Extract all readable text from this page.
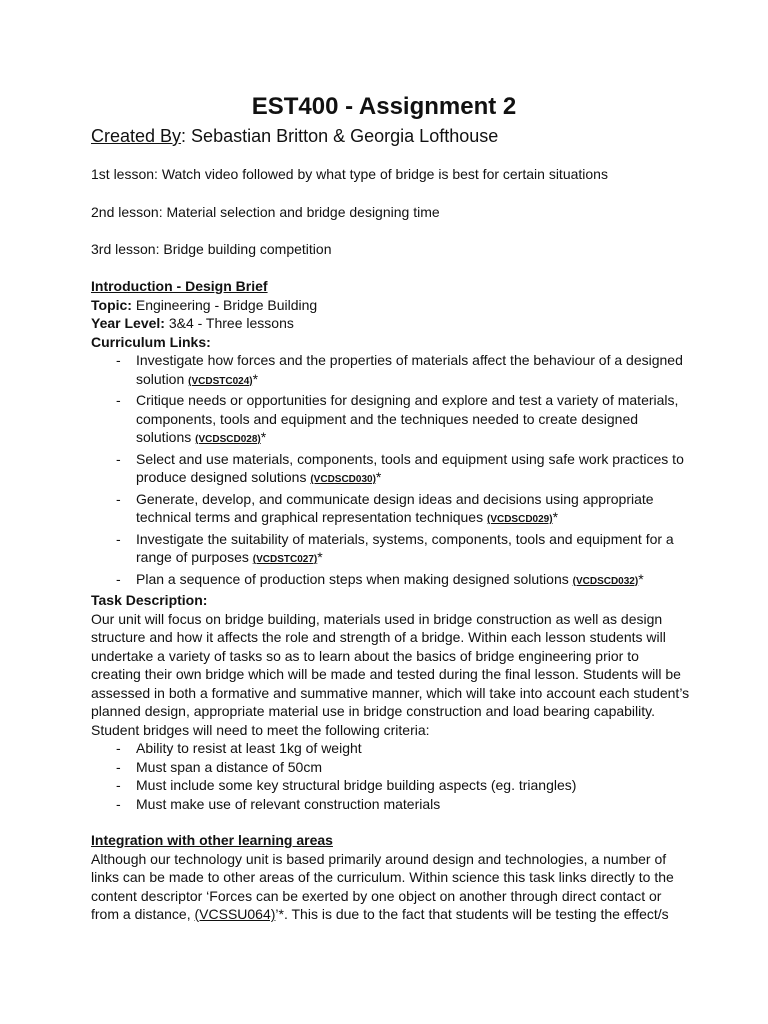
EST400 - Assignment 2
Created By: Sebastian Britton & Georgia Lofthouse
1st lesson: Watch video followed by what type of bridge is best for certain situations
2nd lesson: Material selection and bridge designing time
3rd lesson: Bridge building competition
Introduction - Design Brief
Topic: Engineering - Bridge Building
Year Level: 3&4 - Three lessons
Curriculum Links:
- Investigate how forces and the properties of materials affect the behaviour of a designed solution (VCDSTC024)*
- Critique needs or opportunities for designing and explore and test a variety of materials, components, tools and equipment and the techniques needed to create designed solutions (VCDSCD028)*
- Select and use materials, components, tools and equipment using safe work practices to produce designed solutions (VCDSCD030)*
- Generate, develop, and communicate design ideas and decisions using appropriate technical terms and graphical representation techniques (VCDSCD029)*
- Investigate the suitability of materials, systems, components, tools and equipment for a range of purposes (VCDSTC027)*
- Plan a sequence of production steps when making designed solutions (VCDSCD032)*
Task Description:

Our unit will focus on bridge building, materials used in bridge construction as well as design structure and how it affects the role and strength of a bridge. Within each lesson students will undertake a variety of tasks so as to learn about the basics of bridge engineering prior to creating their own bridge which will be made and tested during the final lesson. Students will be assessed in both a formative and summative manner, which will take into account each student’s planned design, appropriate material use in bridge construction and load bearing capability. Student bridges will need to meet the following criteria:

- Ability to resist at least 1kg of weight
- Must span a distance of 50cm
- Must include some key structural bridge building aspects (eg. triangles)
- Must make use of relevant construction materials
Integration with other learning areas

Although our technology unit is based primarily around design and technologies, a number of links can be made to other areas of the curriculum. Within science this task links directly to the content descriptor ‘Forces can be exerted by one object on another through direct contact or from a distance, (VCSSU064)’*. This is due to the fact that students will be testing the effect/s
